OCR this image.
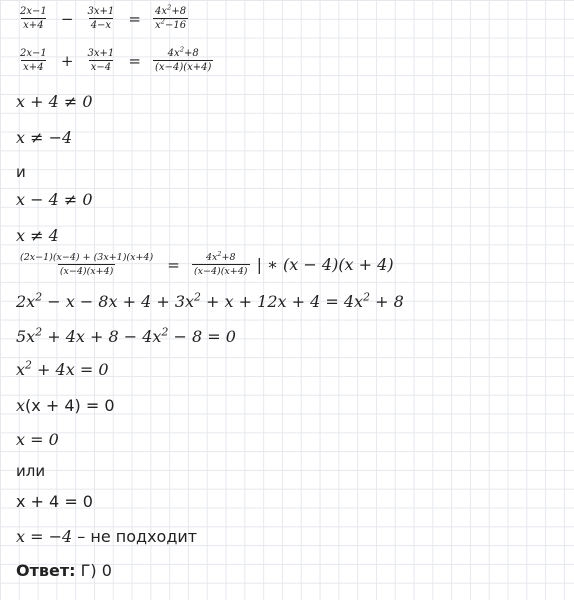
$\frac{2x-1}{x+4} - \frac{3x+1}{4-x} = \frac{4x^2+8}{x^2-16}$
$\frac{2x-1}{x+4} + \frac{3x+1}{x-4} = \frac{4x^2+8}{(x-4)(x+4)}$
x + 4 ≠ 0
x ≠ −4
и
x − 4 ≠ 0
x ≠ 4
$\frac{(2x-1)(x-4) + (3x+1)(x+4)}{(x-4)(x+4)} = \frac{4x^2+8}{(x-4)(x+4)}$ | ∗ (x − 4)(x + 4)
$2x^2 - x - 8x + 4 + 3x^2 + x + 12x + 4 = 4x^2 + 8$
$5x^2 + 4x + 8 - 4x^2 - 8 = 0$
$x^2 + 4x = 0$
x(x + 4) = 0
x = 0
или
x + 4 = 0
x = −4 – не подходит
Ответ: Г) 0
